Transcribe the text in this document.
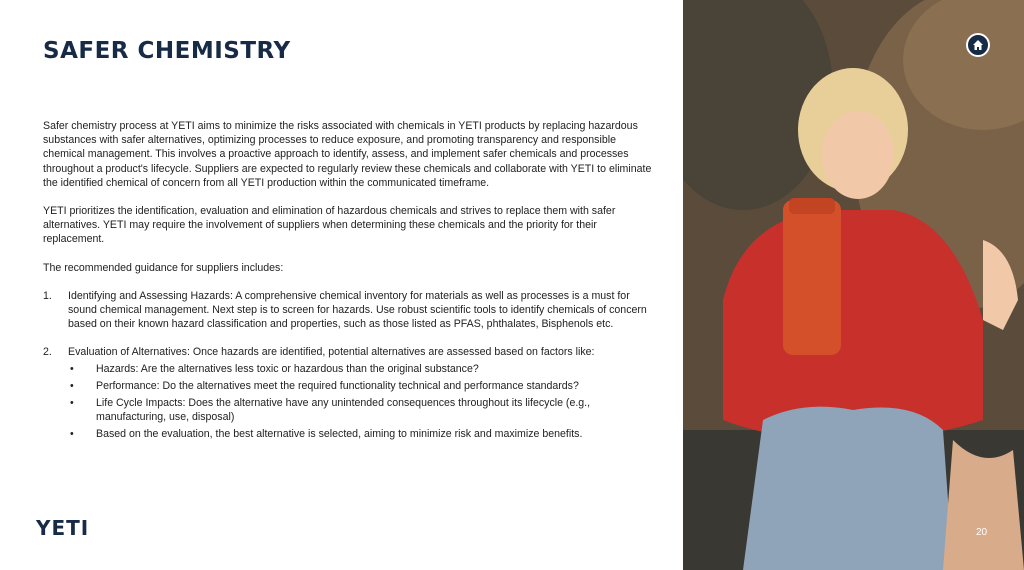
SAFER CHEMISTRY

Safer chemistry process at YETI aims to minimize the risks associated with chemicals in YETI products by replacing hazardous substances with safer alternatives, optimizing processes to reduce exposure, and promoting transparency and responsible chemical management. This involves a proactive approach to identify, assess, and implement safer chemicals and processes throughout a product's lifecycle. Suppliers are expected to regularly review these chemicals and collaborate with YETI to eliminate the identified chemical of concern from all YETI production within the communicated timeframe.

YETI prioritizes the identification, evaluation and elimination of hazardous chemicals and strives to replace them with safer alternatives. YETI may require the involvement of suppliers when determining these chemicals and the priority for their replacement.

The recommended guidance for suppliers includes:

1. Identifying and Assessing Hazards: A comprehensive chemical inventory for materials as well as processes is a must for sound chemical management. Next step is to screen for hazards. Use robust scientific tools to identify chemicals of concern based on their known hazard classification and properties, such as those listed as PFAS, phthalates, Bisphenols etc.
2. Evaluation of Alternatives: Once hazards are identified, potential alternatives are assessed based on factors like:
• Hazards: Are the alternatives less toxic or hazardous than the original substance?
• Performance: Do the alternatives meet the required functionality technical and performance standards?
• Life Cycle Impacts: Does the alternative have any unintended consequences throughout its lifecycle (e.g., manufacturing, use, disposal)
• Based on the evaluation, the best alternative is selected, aiming to minimize risk and maximize benefits.
YETI	20
